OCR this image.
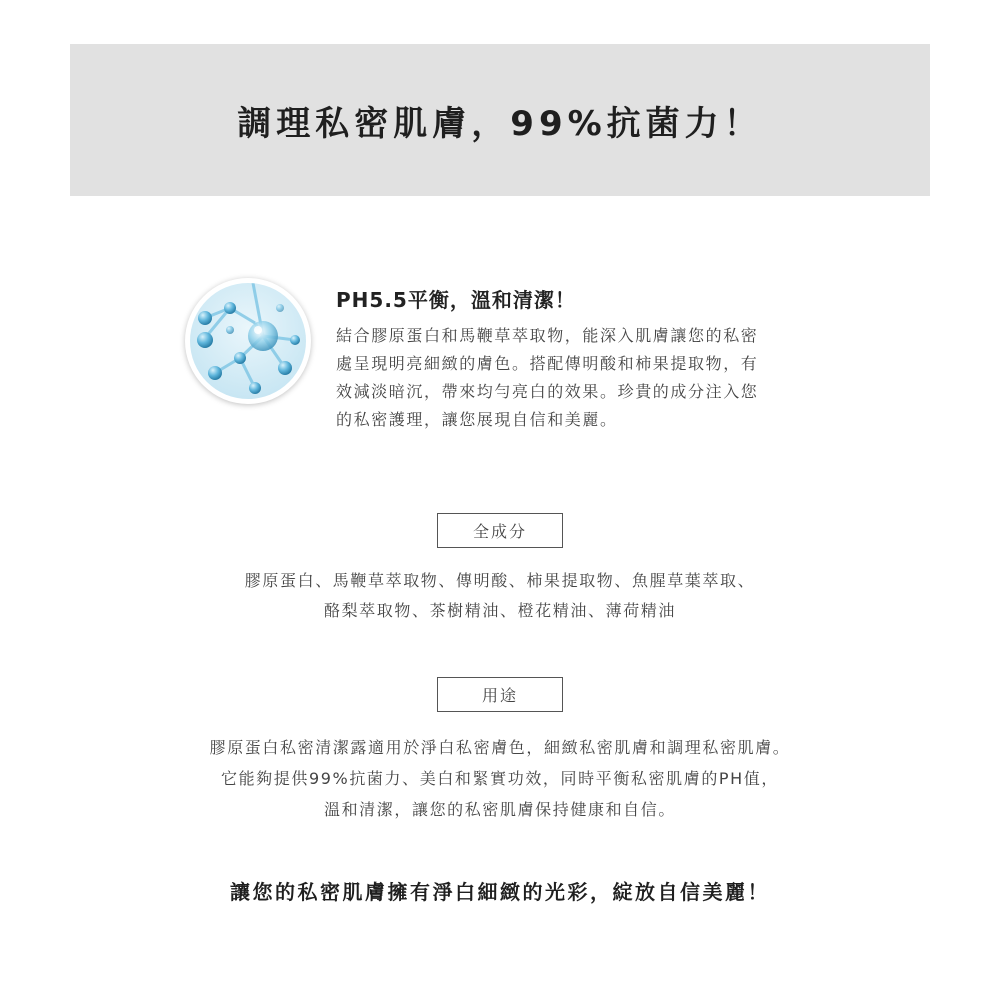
調理私密肌膚，99%抗菌力！
PH5.5平衡，溫和清潔！
結合膠原蛋白和馬鞭草萃取物，能深入肌膚讓您的私密
處呈現明亮細緻的膚色。搭配傳明酸和柿果提取物，有
效減淡暗沉，帶來均勻亮白的效果。珍貴的成分注入您
的私密護理，讓您展現自信和美麗。
全成分
膠原蛋白、馬鞭草萃取物、傳明酸、柿果提取物、魚腥草葉萃取、
酪梨萃取物、茶樹精油、橙花精油、薄荷精油
用途
膠原蛋白私密清潔露適用於淨白私密膚色，細緻私密肌膚和調理私密肌膚。
它能夠提供99%抗菌力、美白和緊實功效，同時平衡私密肌膚的PH值，
溫和清潔，讓您的私密肌膚保持健康和自信。
讓您的私密肌膚擁有淨白細緻的光彩，綻放自信美麗！
